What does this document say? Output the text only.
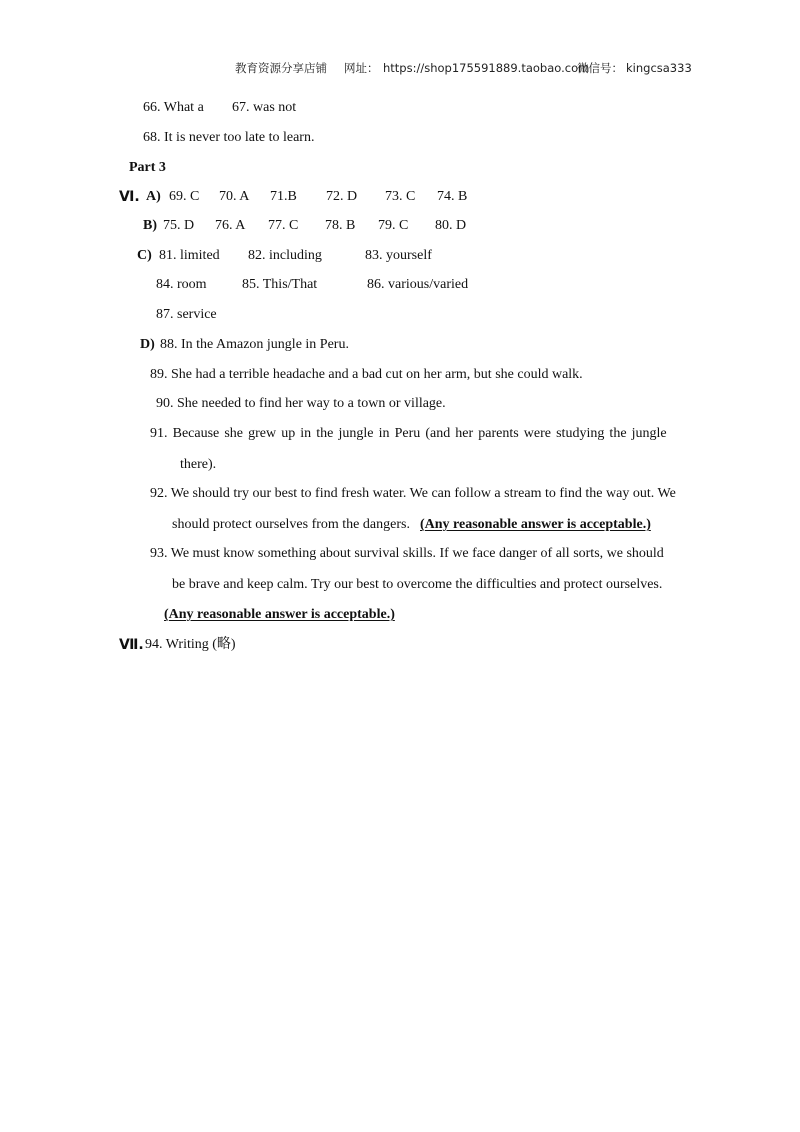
教育资源分享店铺 网址： https://shop175591889.taobao.com
微信号： kingcsa333
66. What a 67. was not
68. It is never too late to learn.
Part 3
Ⅵ. A) 69. C 70. A 71.B 72. D 73. C 74. B
B) 75. D 76. A 77. C 78. B 79. C 80. D
C) 81. limited 82. including	83. yourself
84. room	85. This/That	86. various/varied
87. service
D) 88. In the Amazon jungle in Peru.
89. She had a terrible headache and a bad cut on her arm, but she could walk.
90. She needed to find her way to a town or village.
91. Because she grew up in the jungle in Peru (and her parents were studying the jungle
there).
92. We should try our best to find fresh water. We can follow a stream to find the way out. We
should protect ourselves from the dangers. (Any reasonable answer is acceptable.)
93. We must know something about survival skills. If we face danger of all sorts, we should
be brave and keep calm. Try our best to overcome the difficulties and protect ourselves.
(Any reasonable answer is acceptable.)
Ⅶ. 94. Writing (略)
